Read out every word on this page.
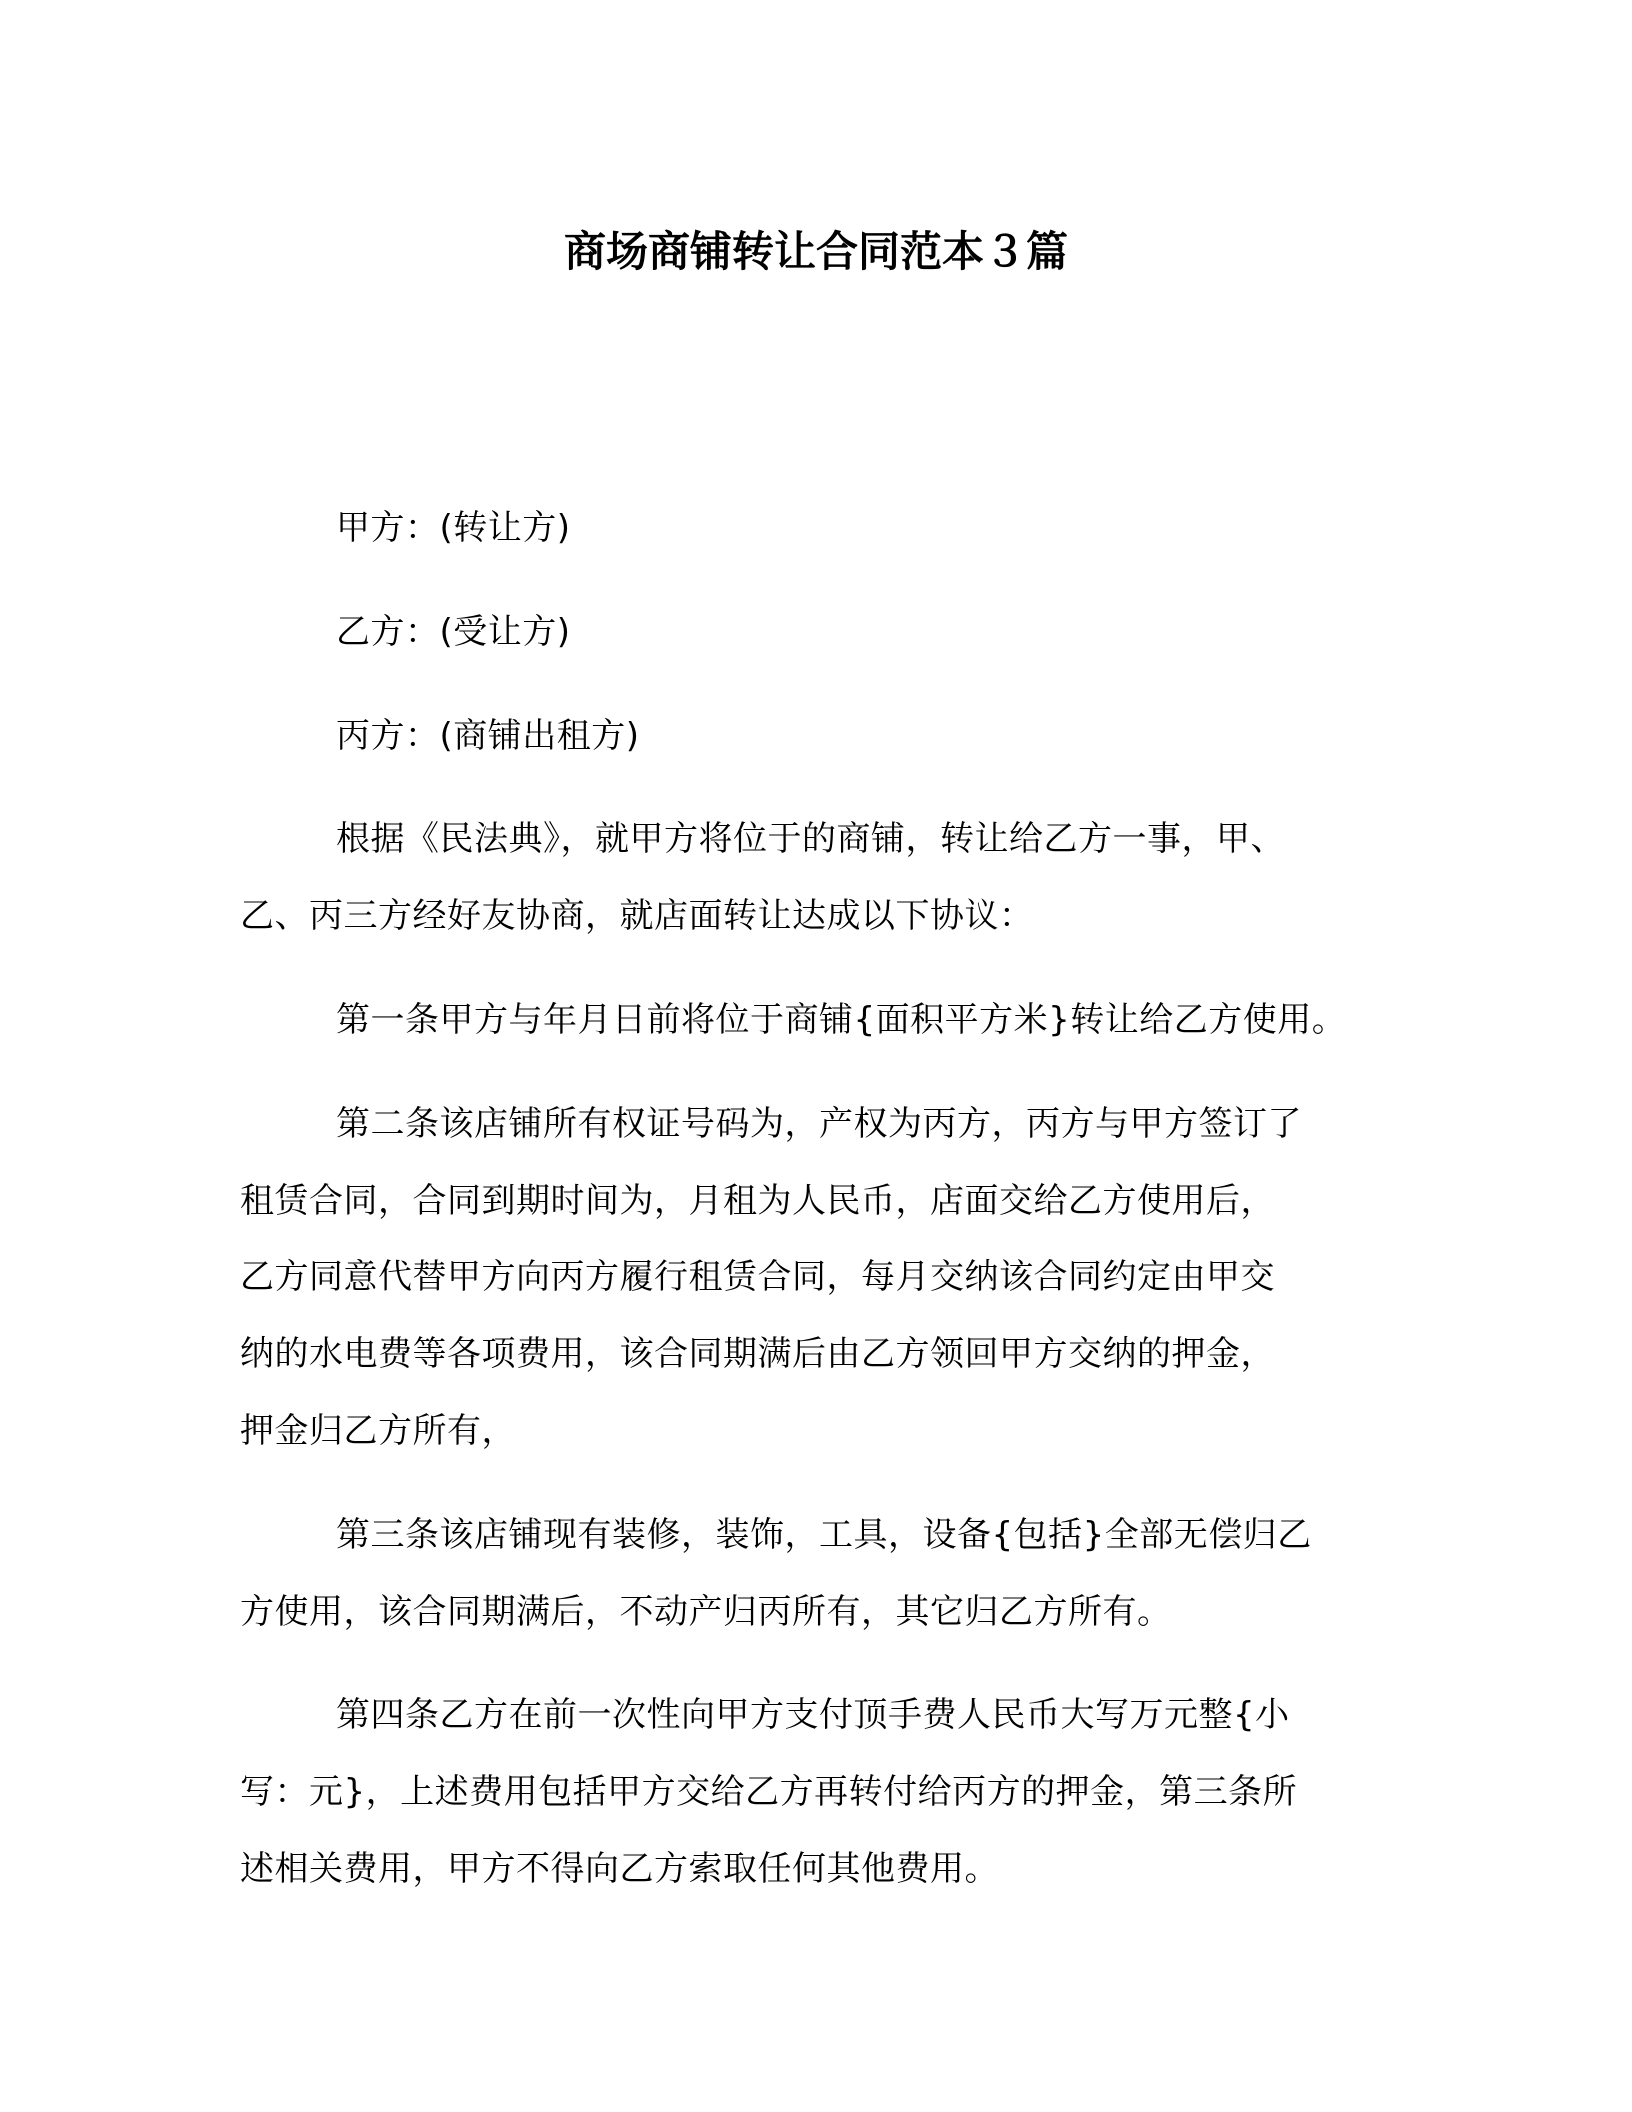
商场商铺转让合同范本３篇

甲方：(转让方)

乙方：(受让方)

丙方：(商铺出租方)

根据《民法典》，就甲方将位于的商铺，转让给乙方一事，甲、
乙、丙三方经好友协商，就店面转让达成以下协议：

第一条甲方与年月日前将位于商铺{面积平方米}转让给乙方使用。

第二条该店铺所有权证号码为，产权为丙方，丙方与甲方签订了
租赁合同，合同到期时间为，月租为人民币，店面交给乙方使用后，
乙方同意代替甲方向丙方履行租赁合同，每月交纳该合同约定由甲交
纳的水电费等各项费用，该合同期满后由乙方领回甲方交纳的押金，
押金归乙方所有，

第三条该店铺现有装修，装饰，工具，设备{包括}全部无偿归乙
方使用，该合同期满后，不动产归丙所有，其它归乙方所有。

第四条乙方在前一次性向甲方支付顶手费人民币大写万元整{小
写：元}，上述费用包括甲方交给乙方再转付给丙方的押金，第三条所
述相关费用，甲方不得向乙方索取任何其他费用。
